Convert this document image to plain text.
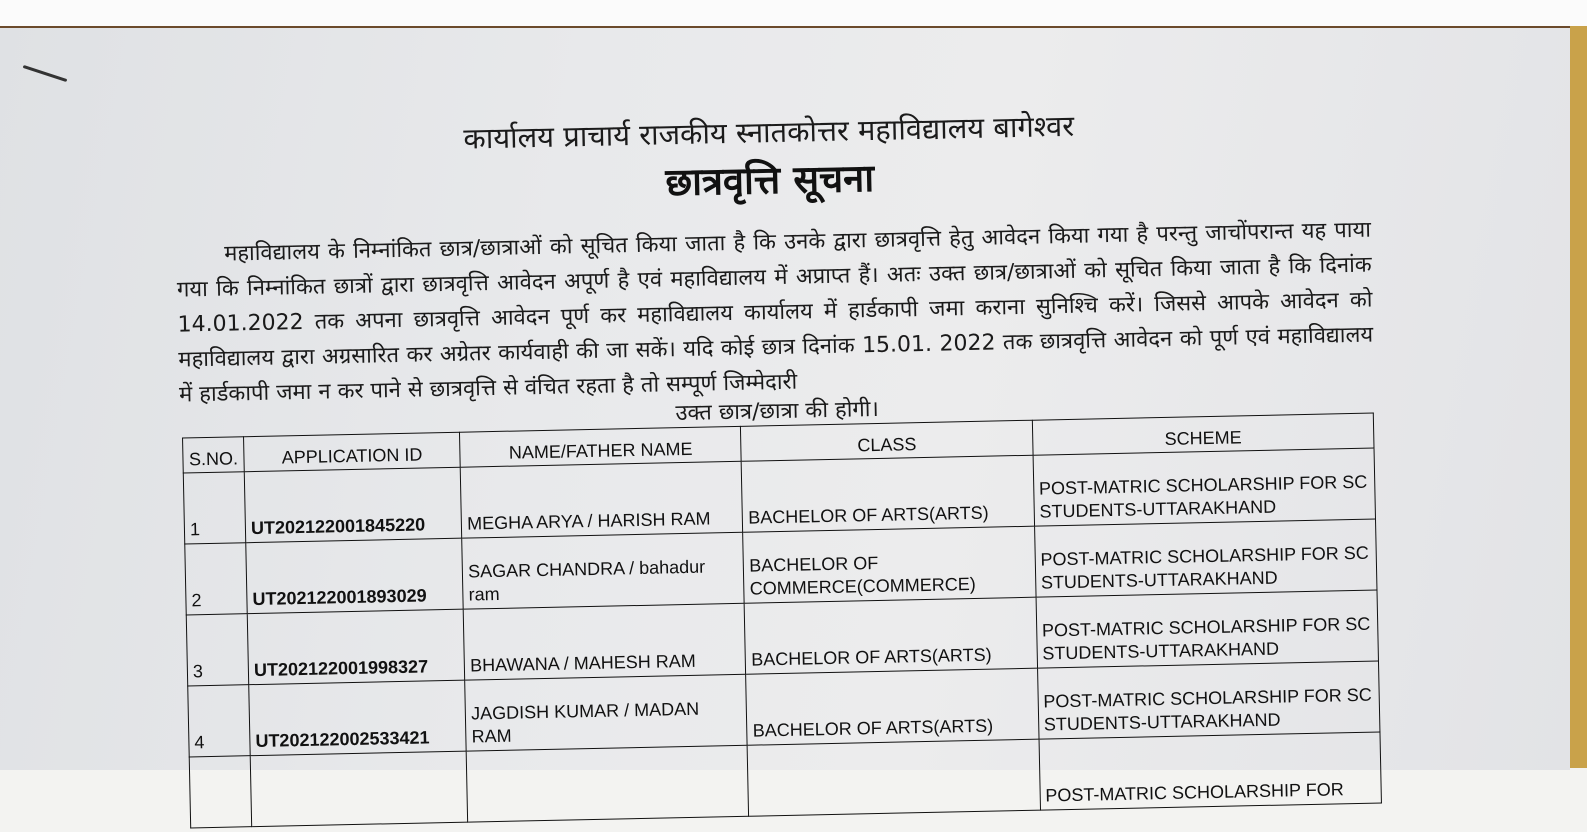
कार्यालय प्राचार्य राजकीय स्नातकोत्तर महाविद्यालय बागेश्वर
छात्रवृत्ति सूचना
महाविद्यालय के निम्नांकित छात्र/छात्राओं को सूचित किया जाता है कि उनके द्वारा छात्रवृत्ति हेतु आवेदन किया गया है परन्तु जाचोंपरान्त यह पाया गया कि निम्नांकित छात्रों द्वारा छात्रवृत्ति आवेदन अपूर्ण है एवं महाविद्यालय में अप्राप्त हैं। अतः उक्त छात्र/छात्राओं को सूचित किया जाता है कि दिनांक 14.01.2022 तक अपना छात्रवृत्ति आवेदन पूर्ण कर महाविद्यालय कार्यालय में हार्डकापी जमा कराना सुनिश्चि करें। जिससे आपके आवेदन को महाविद्यालय द्वारा अग्रसारित कर अग्रेतर कार्यवाही की जा सकें। यदि कोई छात्र दिनांक 15.01. 2022 तक छात्रवृत्ति आवेदन को पूर्ण एवं महाविद्यालय में हार्डकापी जमा न कर पाने से छात्रवृत्ति से वंचित रहता है तो सम्पूर्ण जिम्मेदारी
उक्त छात्र/छात्रा की होगी।
S.NO.	APPLICATION ID	NAME/FATHER NAME	CLASS	SCHEME
1	UT202122001845220	MEGHA ARYA / HARISH RAM	BACHELOR OF ARTS(ARTS)	POST-MATRIC SCHOLARSHIP FOR SC STUDENTS-UTTARAKHAND
2	UT202122001893029	SAGAR CHANDRA / bahadur ram	BACHELOR OF COMMERCE(COMMERCE)	POST-MATRIC SCHOLARSHIP FOR SC STUDENTS-UTTARAKHAND
3	UT202122001998327	BHAWANA / MAHESH RAM	BACHELOR OF ARTS(ARTS)	POST-MATRIC SCHOLARSHIP FOR SC STUDENTS-UTTARAKHAND
4	UT202122002533421	JAGDISH KUMAR / MADAN RAM	BACHELOR OF ARTS(ARTS)	POST-MATRIC SCHOLARSHIP FOR SC STUDENTS-UTTARAKHAND
				POST-MATRIC SCHOLARSHIP FOR
